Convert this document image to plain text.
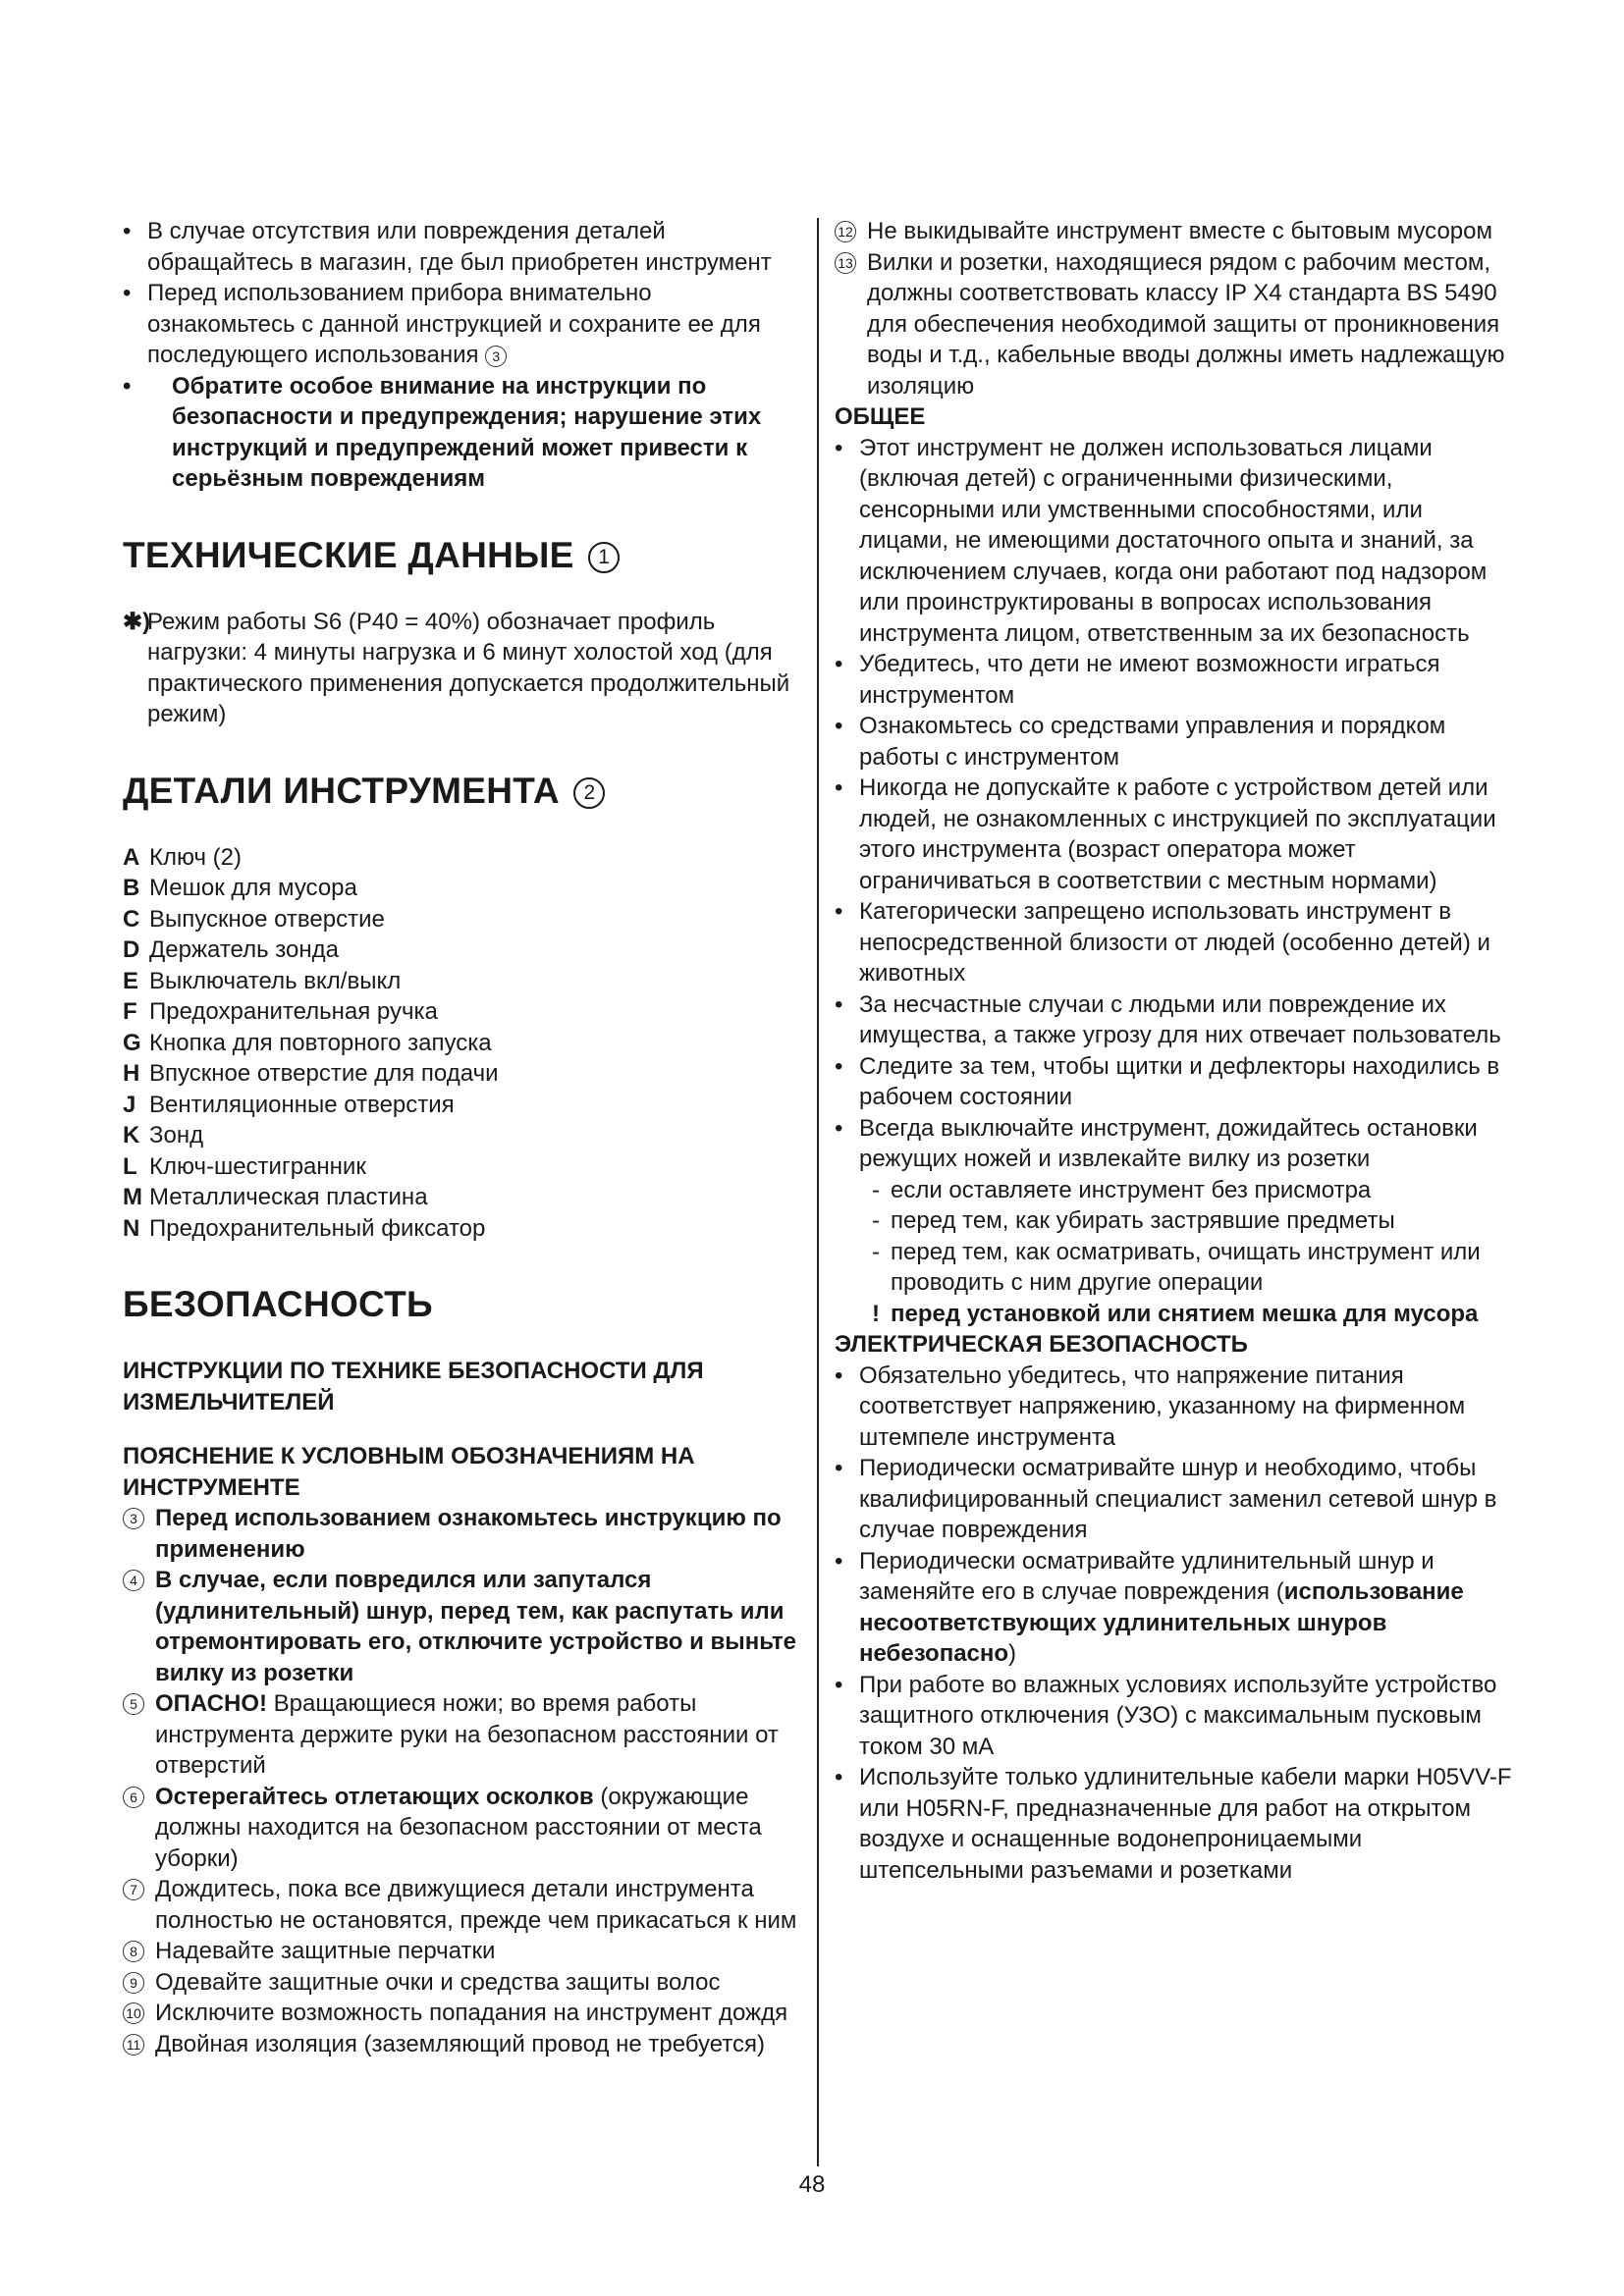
• В случае отсутствия или повреждения деталей обращайтесь в магазин, где был приобретен инструмент
• Перед использованием прибора внимательно ознакомьтесь с данной инструкцией и сохраните ее для последующего использования 3
• Обратите особое внимание на инструкции по безопасности и предупреждения; нарушение этих инструкций и предупреждений может привести к серьёзным повреждениям
ТЕХНИЧЕСКИЕ ДАННЫЕ 1
✱)
Режим работы S6 (P40 = 40%) обозначает профиль нагрузки: 4 минуты нагрузка и 6 минут холостой ход (для практического применения допускается продолжительный режим)
ДЕТАЛИ ИНСТРУМЕНТА 2
A Ключ (2)
B Мешок для мусора
C Выпускное отверстие
D Держатель зонда
E Выключатель вкл/выкл
F Предохранительная ручка
G Кнопка для повторного запуска
H Впускное отверстие для подачи
J Вентиляционные отверстия
K Зонд
L Ключ-шестигранник
M Металлическая пластина
N Предохранительный фиксатор
БЕЗОПАСНОСТЬ
ИНСТРУКЦИИ ПО ТЕХНИКЕ БЕЗОПАСНОСТИ ДЛЯ ИЗМЕЛЬЧИТЕЛЕЙ
ПОЯСНЕНИЕ К УСЛОВНЫМ ОБОЗНАЧЕНИЯМ НА ИНСТРУМЕНТЕ
3 Перед использованием ознакомьтесь инструкцию по применению
4 В случае, если повредился или запутался (удлинительный) шнур, перед тем, как распутать или отремонтировать его, отключите устройство и выньте вилку из розетки
5 ОПАСНО! Вращающиеся ножи; во время работы инструмента держите руки на безопасном расстоянии от отверстий
6 Остерегайтесь отлетающих осколков (окружающие должны находится на безопасном расстоянии от места уборки)
7 Дождитесь, пока все движущиеся детали инструмента полностью не остановятся, прежде чем прикасаться к ним
8 Надевайте защитные перчатки
9 Одевайте защитные очки и средства защиты волос
10 Исключите возможность попадания на инструмент дождя
11 Двойная изоляция (заземляющий провод не требуется)
12 Не выкидывайте инструмент вместе с бытовым мусором
13 Вилки и розетки, находящиеся рядом с рабочим местом, должны соответствовать классу IP X4 стандарта BS 5490 для обеспечения необходимой защиты от проникновения воды и т.д., кабельные вводы должны иметь надлежащую изоляцию
ОБЩЕЕ
• Этот инструмент не должен использоваться лицами (включая детей) с ограниченными физическими, сенсорными или умственными способностями, или лицами, не имеющими достаточного опыта и знаний, за исключением случаев, когда они работают под надзором или проинструктированы в вопросах использования инструмента лицом, ответственным за их безопасность
• Убедитесь, что дети не имеют возможности играться инструментом
• Ознакомьтесь со средствами управления и порядком работы с инструментом
• Никогда не допускайте к работе с устройством детей или людей, не ознакомленных с инструкцией по эксплуатации этого инструмента (возраст оператора может ограничиваться в соответствии с местным нормами)
• Категорически запрещено использовать инструмент в непосредственной близости от людей (особенно детей) и животных
• За несчастные случаи с людьми или повреждение их имущества, а также угрозу для них отвечает пользователь
• Следите за тем, чтобы щитки и дефлекторы находились в рабочем состоянии
• Всегда выключайте инструмент, дожидайтесь остановки режущих ножей и извлекайте вилку из розетки
- если оставляете инструмент без присмотра
- перед тем, как убирать застрявшие предметы
- перед тем, как осматривать, очищать инструмент или проводить с ним другие операции
! перед установкой или снятием мешка для мусора
ЭЛЕКТРИЧЕСКАЯ БЕЗОПАСНОСТЬ
• Обязательно убедитесь, что напряжение питания соответствует напряжению, указанному на фирменном штемпеле инструмента
• Периодически осматривайте шнур и необходимо, чтобы квалифицированный специалист заменил сетевой шнур в случае повреждения
• Периодически осматривайте удлинительный шнур и заменяйте его в случае повреждения (использование несоответствующих удлинительных шнуров небезопасно)
• При работе во влажных условиях используйте устройство защитного отключения (УЗО) с максимальным пусковым током 30 мА
• Используйте только удлинительные кабели марки H05VV-F или H05RN-F, предназначенные для работ на открытом воздухе и оснащенные водонепроницаемыми штепсельными разъемами и розетками
48
